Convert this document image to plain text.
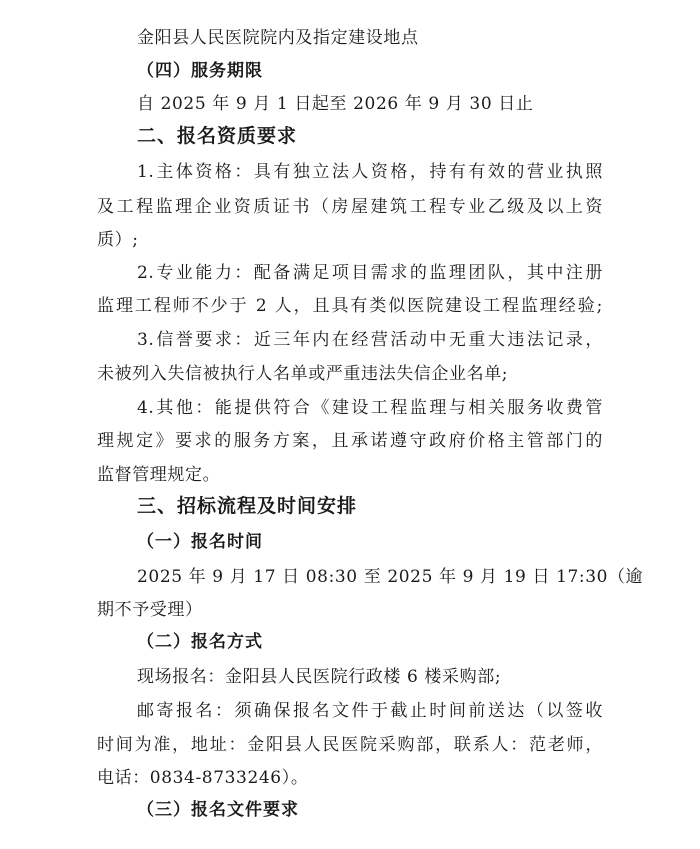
金阳县人民医院院内及指定建设地点
（四）服务期限
自 2025 年 9 月 1 日起至 2026 年 9 月 30 日止
二、报名资质要求
1.主体资格：具有独立法人资格，持有有效的营业执照
及工程监理企业资质证书（房屋建筑工程专业乙级及以上资
质）;
2.专业能力：配备满足项目需求的监理团队，其中注册
监理工程师不少于 2 人，且具有类似医院建设工程监理经验;
3.信誉要求：近三年内在经营活动中无重大违法记录，
未被列入失信被执行人名单或严重违法失信企业名单;
4.其他：能提供符合《建设工程监理与相关服务收费管
理规定》要求的服务方案，且承诺遵守政府价格主管部门的
监督管理规定。
三、招标流程及时间安排
（一）报名时间
2025 年 9 月 17 日 08:30 至 2025 年 9 月 19 日 17:30（逾
期不予受理）
（二）报名方式
现场报名：金阳县人民医院行政楼 6 楼采购部;
邮寄报名：须确保报名文件于截止时间前送达（以签收
时间为准，地址：金阳县人民医院采购部，联系人：范老师，
电话：0834-8733246）。
（三）报名文件要求
